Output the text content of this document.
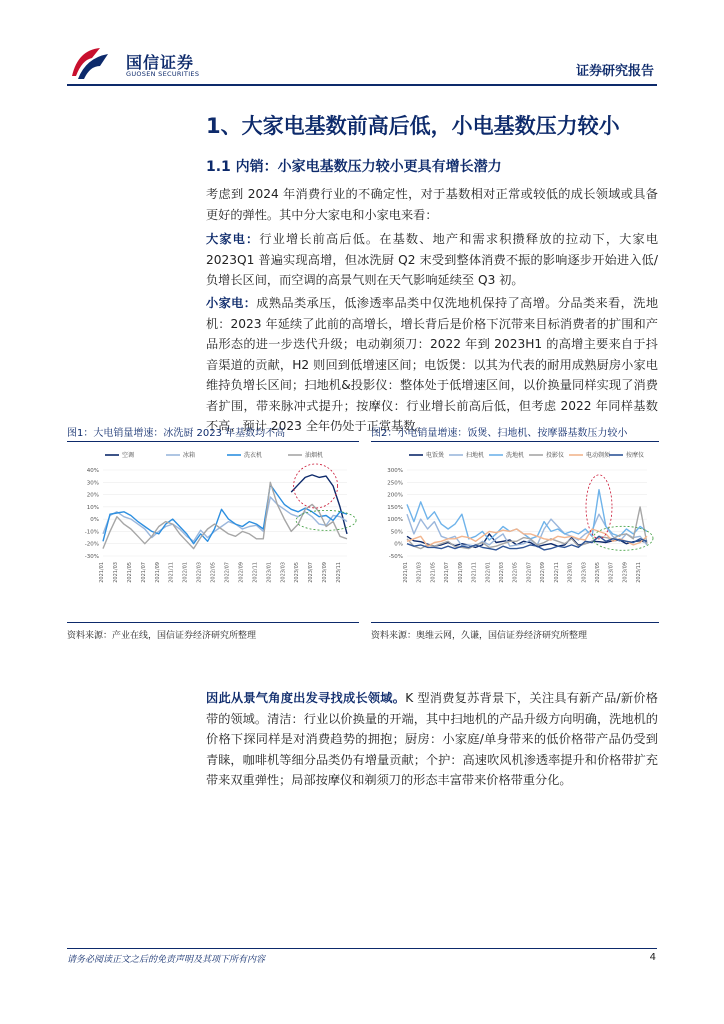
国信证券
GUOSEN SECURITIES	证券研究报告
1、大家电基数前高后低，小电基数压力较小
1.1 内销：小家电基数压力较小更具有增长潜力

考虑到 2024 年消费行业的不确定性，对于基数相对正常或较低的成长领域或具备更好的弹性。其中分大家电和小家电来看：

大家电：行业增长前高后低。在基数、地产和需求积攒释放的拉动下，大家电 2023Q1 普遍实现高增，但冰洗厨 Q2 末受到整体消费不振的影响逐步开始进入低/负增长区间，而空调的高景气则在天气影响延续至 Q3 初。

小家电：成熟品类承压，低渗透率品类中仅洗地机保持了高增。分品类来看，洗地机：2023 年延续了此前的高增长，增长背后是价格下沉带来目标消费者的扩围和产品形态的进一步迭代升级；电动剃须刀：2022 年到 2023H1 的高增主要来自于抖音渠道的贡献，H2 则回到低增速区间；电饭煲：以其为代表的耐用成熟厨房小家电维持负增长区间；扫地机&投影仪：整体处于低增速区间，以价换量同样实现了消费者扩围，带来脉冲式提升；按摩仪：行业增长前高后低，但考虑 2022 年同样基数不高，预计 2023 全年仍处于正常基数。

图1：大电销量增速：冰洗厨 2023 年基数均不高
40%
30%
20%
10%
0%
-10%
-20%
-30%
2021/01 2021/03 2021/05 2021/07 2021/09 2021/11 2022/01 2022/03 2022/05 2022/07 2022/09 2022/11 2023/01 2023/03 2023/05 2023/07 2023/09 2023/11
空调	冰箱	洗衣机	油烟机
资料来源：产业在线，国信证券经济研究所整理
图2：小电销量增速：饭煲、扫地机、按摩器基数压力较小
300%
250%
200%
150%
100%
50%
0%
-50%
2021/01 2021/03 2021/05 2021/07 2021/09 2021/11 2022/01 2022/03 2022/05 2022/07 2022/09 2022/11 2023/01 2023/03 2023/05 2023/07 2023/09 2023/11
电饭煲	扫地机	洗地机	投影仪	电动剃须	按摩仪
资料来源：奥维云网，久谦，国信证券经济研究所整理

因此从景气角度出发寻找成长领域。K 型消费复苏背景下，关注具有新产品/新价格带的领域。清洁：行业以价换量的开端，其中扫地机的产品升级方向明确，洗地机的价格下探同样是对消费趋势的拥抱；厨房：小家庭/单身带来的低价格带产品仍受到青睐，咖啡机等细分品类仍有增量贡献；个护：高速吹风机渗透率提升和价格带扩充带来双重弹性；局部按摩仪和剃须刀的形态丰富带来价格带重分化。

请务必阅读正文之后的免责声明及其项下所有内容	4
